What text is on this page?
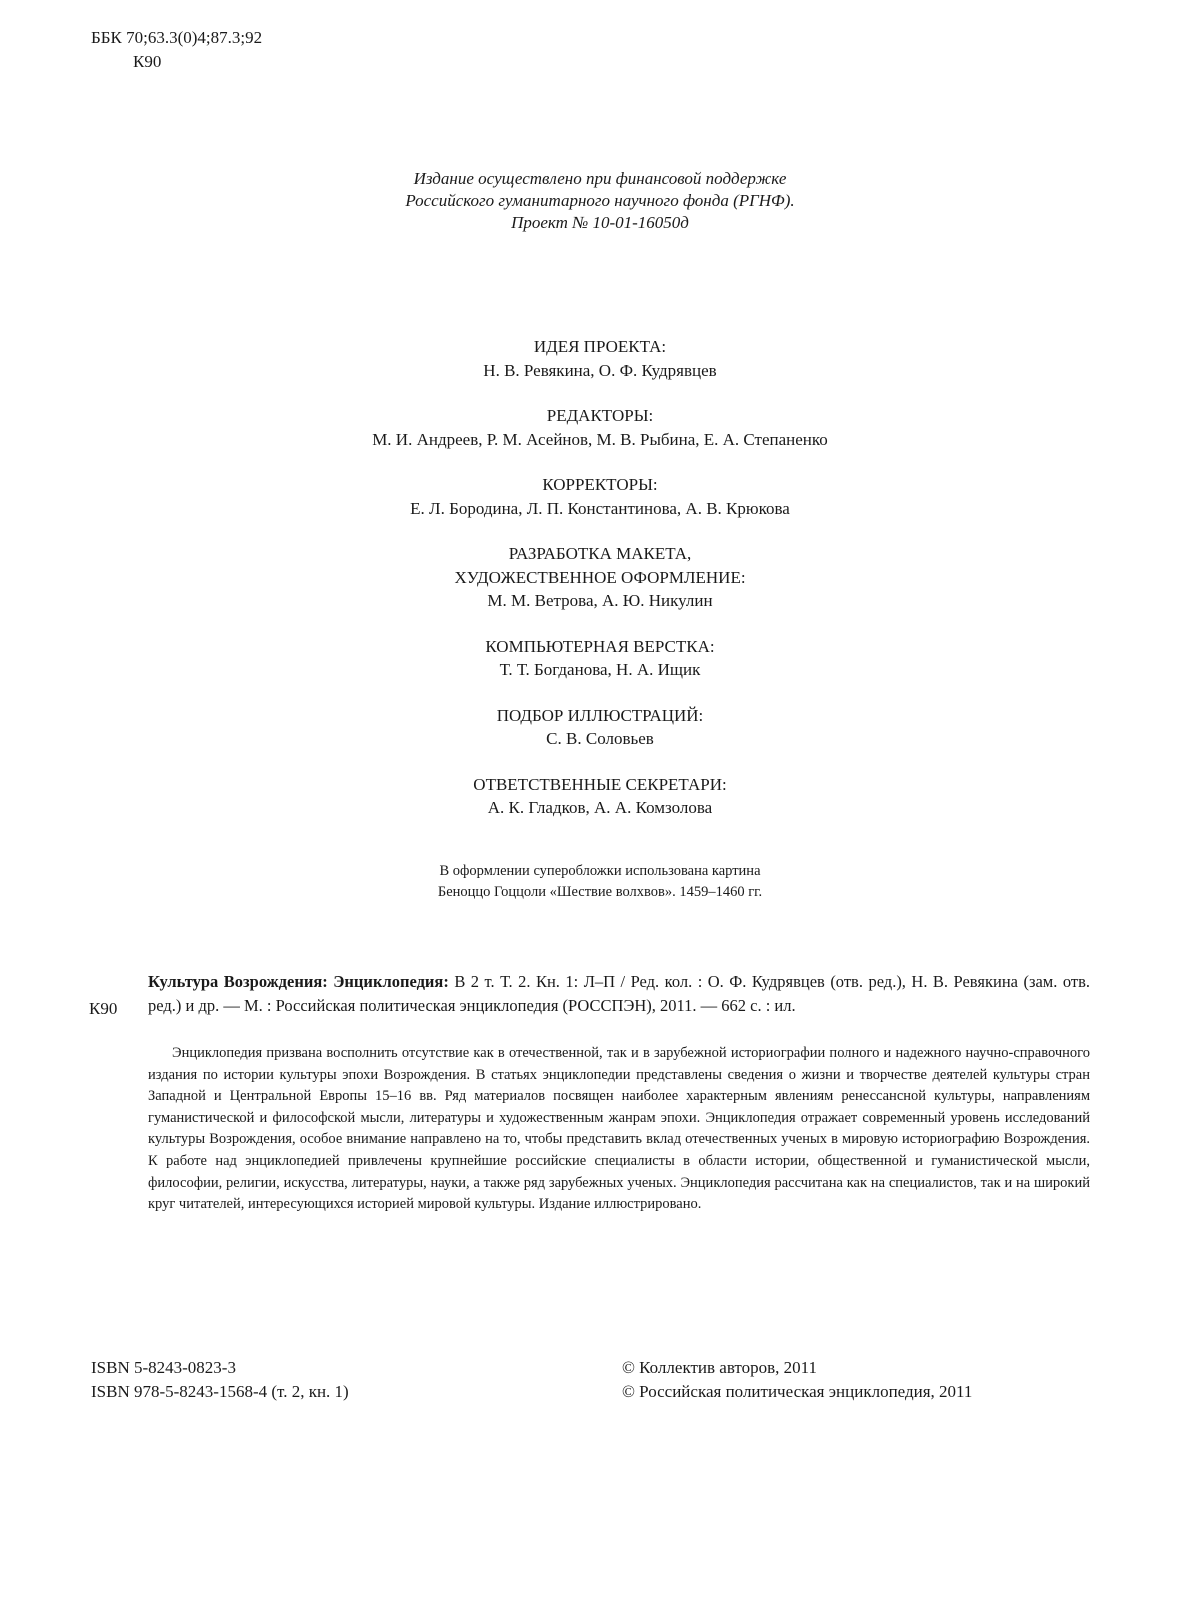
ББК 70;63.3(0)4;87.3;92
К90
Издание осуществлено при финансовой поддержке
Российского гуманитарного научного фонда (РГНФ).
Проект № 10-01-16050д
ИДЕЯ ПРОЕКТА:
Н. В. Ревякина, О. Ф. Кудрявцев
РЕДАКТОРЫ:
М. И. Андреев, Р. М. Асейнов, М. В. Рыбина, Е. А. Степаненко
КОРРЕКТОРЫ:
Е. Л. Бородина, Л. П. Константинова, А. В. Крюкова
РАЗРАБОТКА МАКЕТА,
ХУДОЖЕСТВЕННОЕ ОФОРМЛЕНИЕ:
М. М. Ветрова, А. Ю. Никулин
КОМПЬЮТЕРНАЯ ВЕРСТКА:
Т. Т. Богданова, Н. А. Ищик
ПОДБОР ИЛЛЮСТРАЦИЙ:
С. В. Соловьев
ОТВЕТСТВЕННЫЕ СЕКРЕТАРИ:
А. К. Гладков, А. А. Комзолова
В оформлении суперобложки использована картина
Беноццо Гоццоли «Шествие волхвов». 1459–1460 гг.
К90
Культура Возрождения: Энциклопедия: В 2 т. Т. 2. Кн. 1: Л–П / Ред. кол. : О. Ф. Кудрявцев (отв. ред.), Н. В. Ревякина (зам. отв. ред.) и др. — М. : Российская политическая энциклопедия (РОССПЭН), 2011. — 662 с. : ил.
Энциклопедия призвана восполнить отсутствие как в отечественной, так и в зарубежной историографии полного и надежного научно-справочного издания по истории культуры эпохи Возрождения. В статьях энциклопедии представлены сведения о жизни и творчестве деятелей культуры стран Западной и Центральной Европы 15–16 вв. Ряд материалов посвящен наиболее характерным явлениям ренессансной культуры, направлениям гуманистической и философской мысли, литературы и художественным жанрам эпохи. Энциклопедия отражает современный уровень исследований культуры Возрождения, особое внимание направлено на то, чтобы представить вклад отечественных ученых в мировую историографию Возрождения. К работе над энциклопедией привлечены крупнейшие российские специалисты в области истории, общественной и гуманистической мысли, философии, религии, искусства, литературы, науки, а также ряд зарубежных ученых. Энциклопедия рассчитана как на специалистов, так и на широкий круг читателей, интересующихся историей мировой культуры. Издание иллюстрировано.
ISBN 5-8243-0823-3
ISBN 978-5-8243-1568-4 (т. 2, кн. 1)
© Коллектив авторов, 2011
© Российская политическая энциклопедия, 2011
